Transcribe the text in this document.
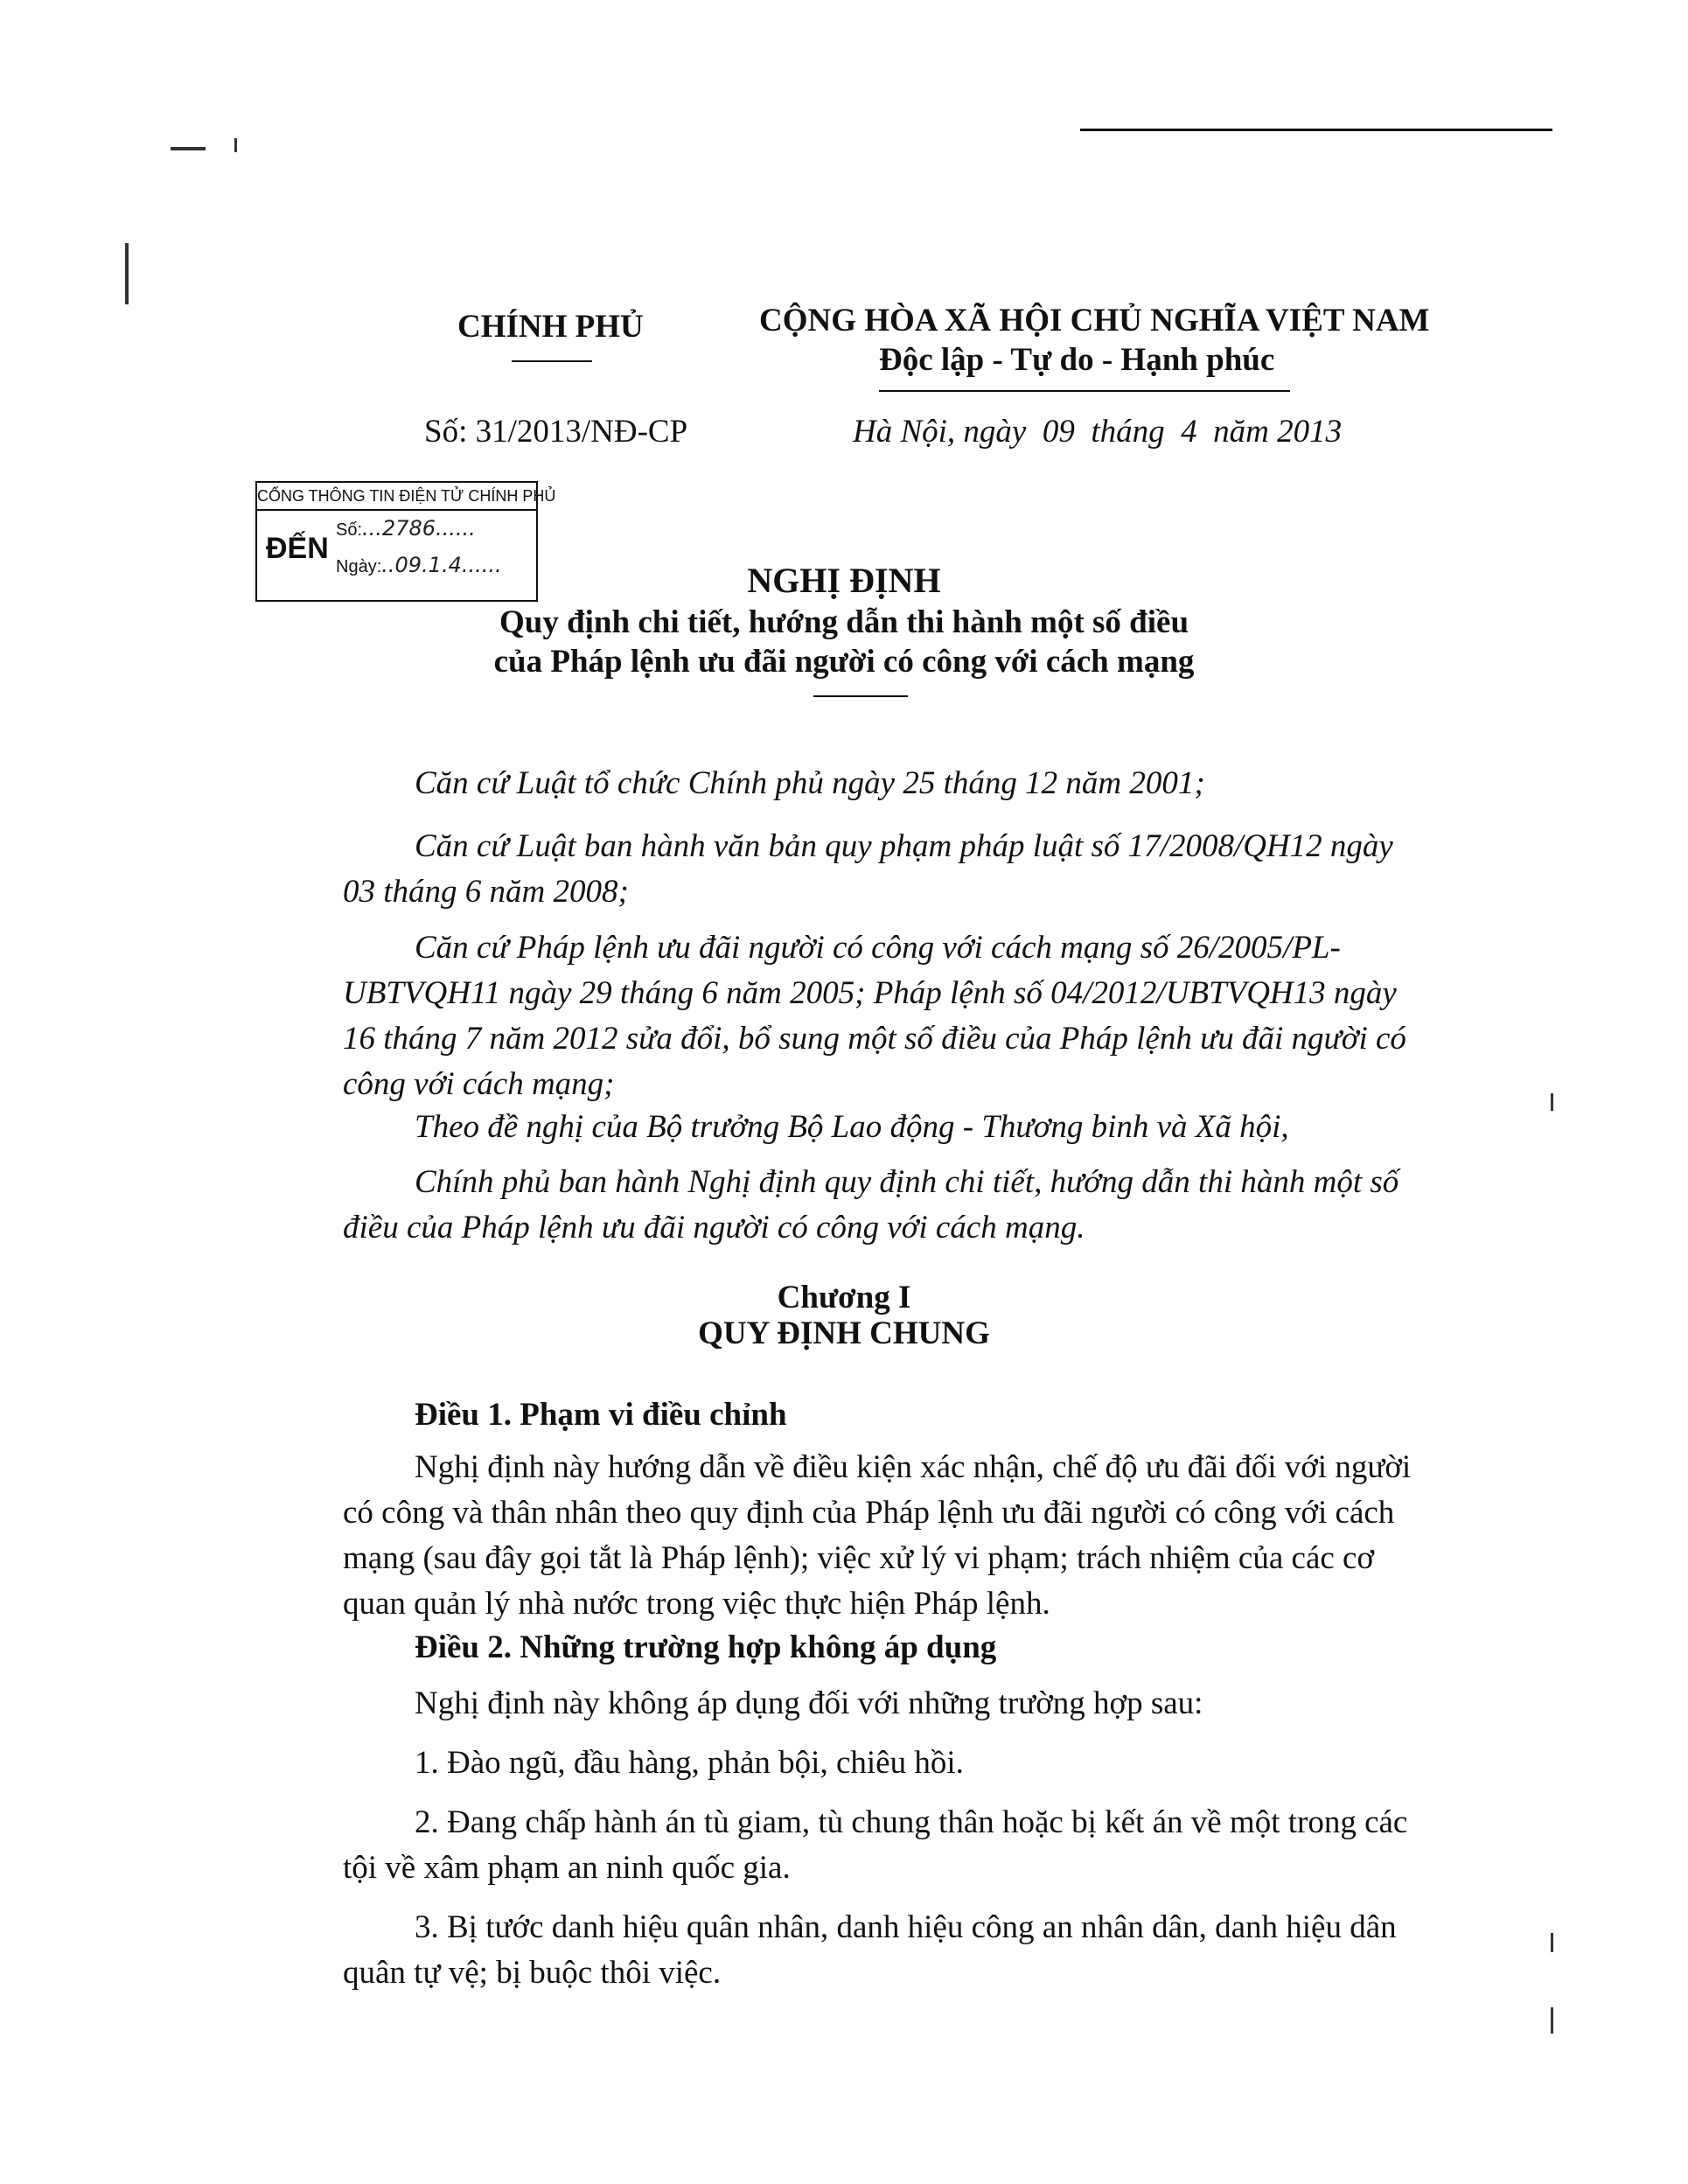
CHÍNH PHỦ
Số: 31/2013/NĐ-CP
CỘNG HÒA XÃ HỘI CHỦ NGHĨA VIỆT NAM
Độc lập - Tự do - Hạnh phúc
Hà Nội, ngày  09  tháng  4  năm 2013
CỔNG THÔNG TIN ĐIỆN TỬ CHÍNH PHỦ
ĐẾN
Số:...2786......
Ngày:..09.1.4......	NGHỊ ĐỊNH
Quy định chi tiết, hướng dẫn thi hành một số điều
của Pháp lệnh ưu đãi người có công với cách mạng
Căn cứ Luật tổ chức Chính phủ ngày 25 tháng 12 năm 2001;
Căn cứ Luật ban hành văn bản quy phạm pháp luật số 17/2008/QH12 ngày 03 tháng 6 năm 2008;
Căn cứ Pháp lệnh ưu đãi người có công với cách mạng số 26/2005/PL-UBTVQH11 ngày 29 tháng 6 năm 2005; Pháp lệnh số 04/2012/UBTVQH13 ngày 16 tháng 7 năm 2012 sửa đổi, bổ sung một số điều của Pháp lệnh ưu đãi người có công với cách mạng;
Theo đề nghị của Bộ trưởng Bộ Lao động - Thương binh và Xã hội,
Chính phủ ban hành Nghị định quy định chi tiết, hướng dẫn thi hành một số điều của Pháp lệnh ưu đãi người có công với cách mạng.
Chương I
QUY ĐỊNH CHUNG
Điều 1. Phạm vi điều chỉnh
Nghị định này hướng dẫn về điều kiện xác nhận, chế độ ưu đãi đối với người có công và thân nhân theo quy định của Pháp lệnh ưu đãi người có công với cách mạng (sau đây gọi tắt là Pháp lệnh); việc xử lý vi phạm; trách nhiệm của các cơ quan quản lý nhà nước trong việc thực hiện Pháp lệnh.
Điều 2. Những trường hợp không áp dụng
Nghị định này không áp dụng đối với những trường hợp sau:
1. Đào ngũ, đầu hàng, phản bội, chiêu hồi.
2. Đang chấp hành án tù giam, tù chung thân hoặc bị kết án về một trong các tội về xâm phạm an ninh quốc gia.
3. Bị tước danh hiệu quân nhân, danh hiệu công an nhân dân, danh hiệu dân quân tự vệ; bị buộc thôi việc.
